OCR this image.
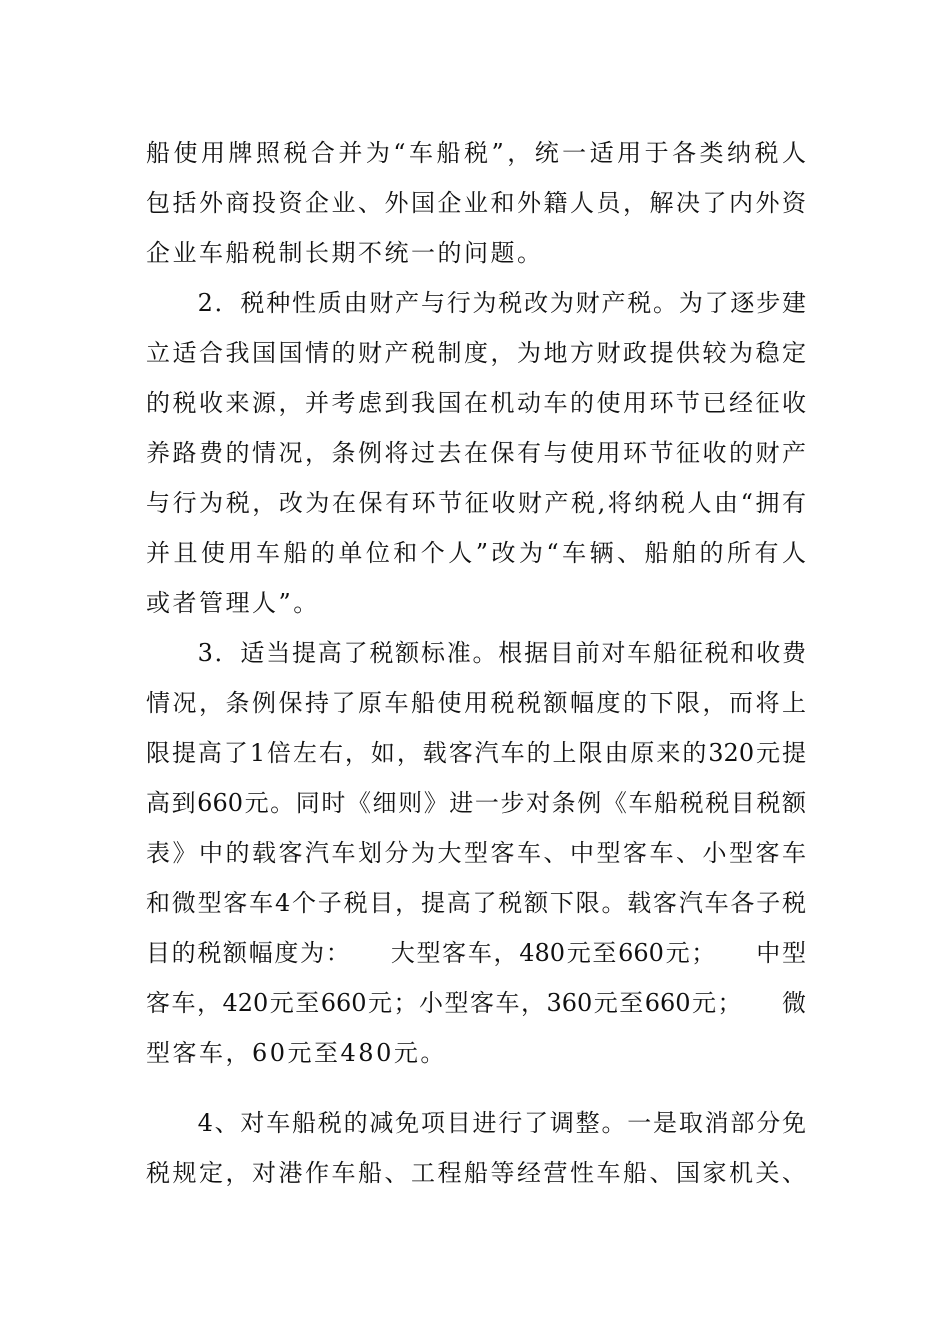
船使用牌照税合并为“车船税”，统一适用于各类纳税人
包括外商投资企业、外国企业和外籍人员，解决了内外资
企业车船税制长期不统一的问题。
　　2．税种性质由财产与行为税改为财产税。为了逐步建
立适合我国国情的财产税制度，为地方财政提供较为稳定
的税收来源，并考虑到我国在机动车的使用环节已经征收
养路费的情况，条例将过去在保有与使用环节征收的财产
与行为税，改为在保有环节征收财产税,将纳税人由“拥有
并且使用车船的单位和个人”改为“车辆、船舶的所有人
或者管理人”。
　　3．适当提高了税额标准。根据目前对车船征税和收费
情况，条例保持了原车船使用税税额幅度的下限，而将上
限提高了1倍左右，如，载客汽车的上限由原来的320元提
高到660元。同时《细则》进一步对条例《车船税税目税额
表》中的载客汽车划分为大型客车、中型客车、小型客车
和微型客车4个子税目，提高了税额下限。载客汽车各子税
目的税额幅度为：　　大型客车，480元至660元；　　中型
客车，420元至660元；小型客车，360元至660元；　　微
型客车，60元至480元。
　　4、对车船税的减免项目进行了调整。一是取消部分免
税规定，对港作车船、工程船等经营性车船、国家机关、
